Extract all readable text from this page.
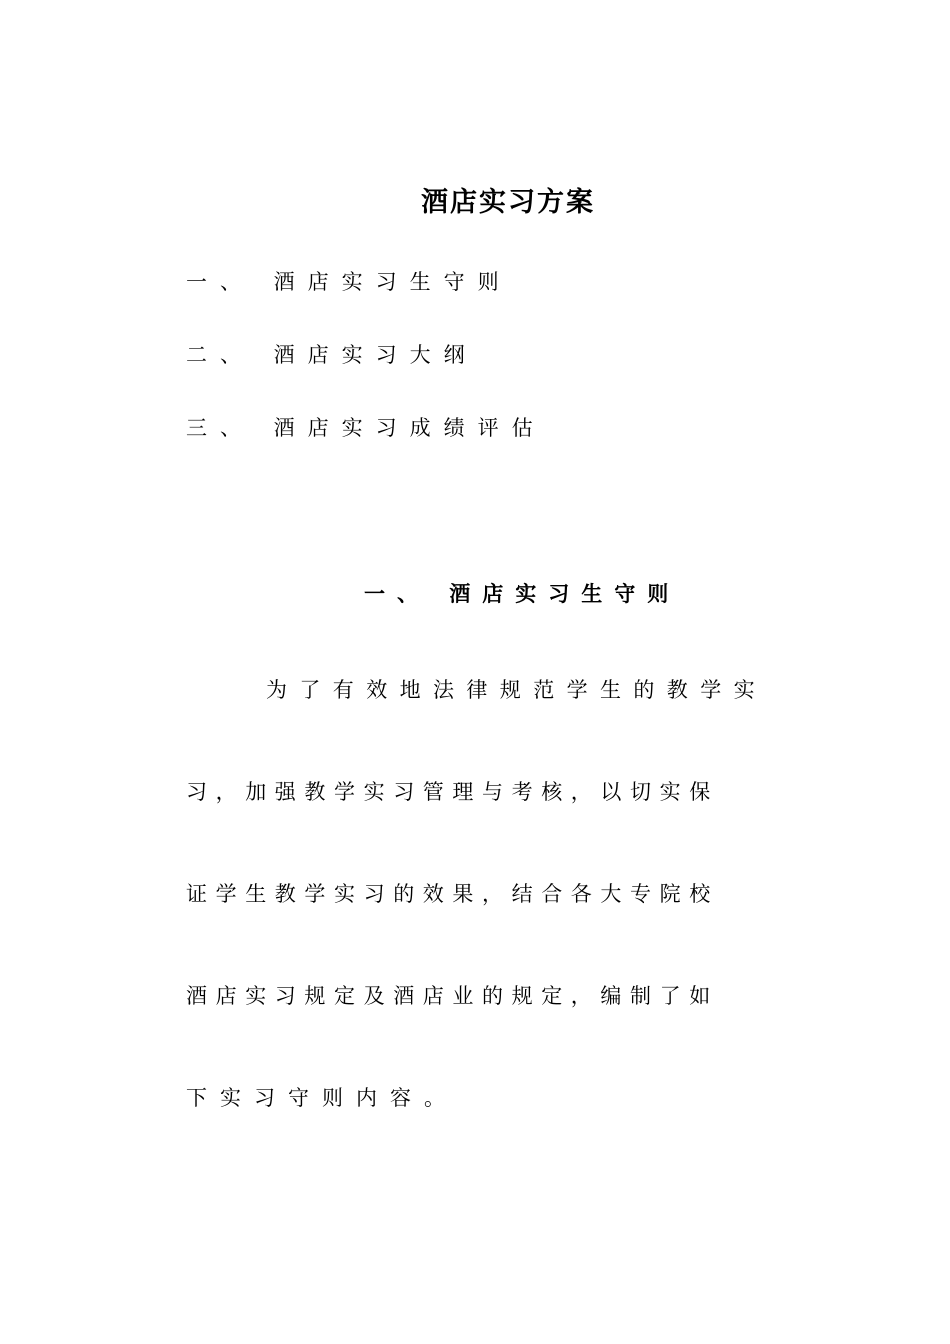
酒店实习方案
一、 酒店实习生守则
二、 酒店实习大纲
三、 酒店实习成绩评估
一、 酒店实习生守则
为了有效地法律规范学生的教学实
习，加强教学实习管理与考核，以切实保
证学生教学实习的效果，结合各大专院校
酒店实习规定及酒店业的规定，编制了如
下实习守则内容。
